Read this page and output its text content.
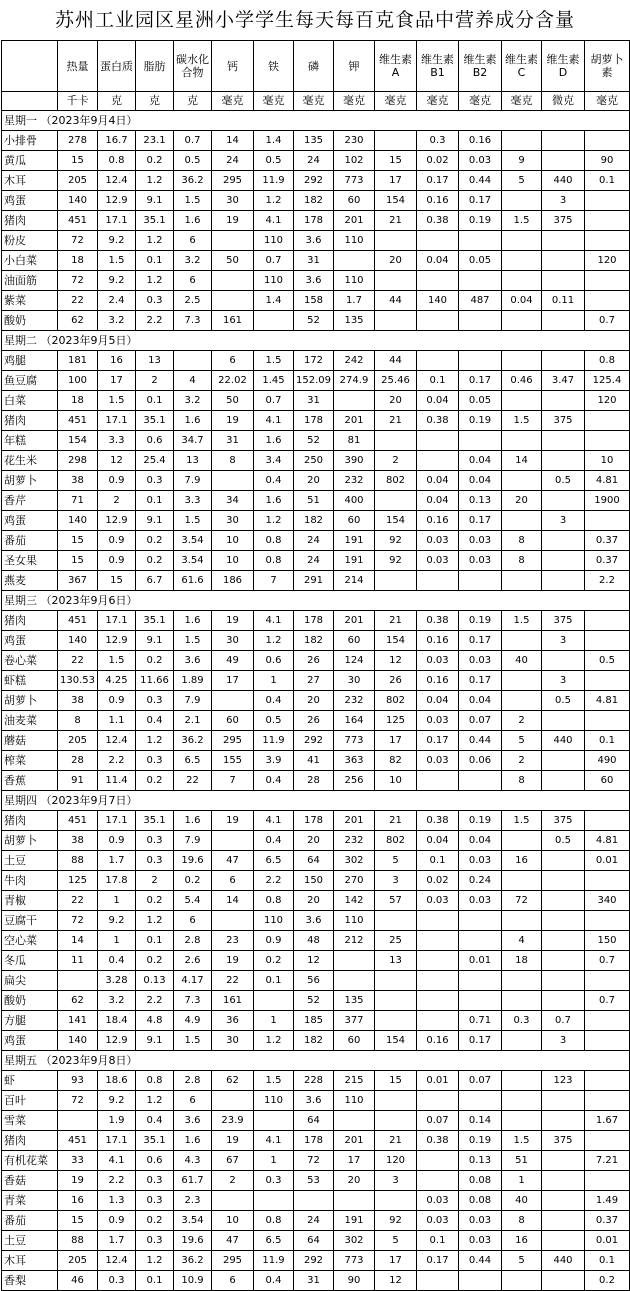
苏州工业园区星洲小学学生每天每百克食品中营养成分含量
	热量	蛋白质	脂肪	碳水化合物	钙	铁	磷	钾	维生素A	维生素B1	维生素B2	维生素C	维生素D	胡萝卜素
	千卡	克	克	克	毫克	毫克	毫克	毫克	毫克	毫克	毫克	毫克	微克	毫克
星期一 （2023年9月4日）														
小排骨	278	16.7	23.1	0.7	14	1.4	135	230		0.3	0.16			
黄瓜	15	0.8	0.2	0.5	24	0.5	24	102	15	0.02	0.03	9		90
木耳	205	12.4	1.2	36.2	295	11.9	292	773	17	0.17	0.44	5	440	0.1
鸡蛋	140	12.9	9.1	1.5	30	1.2	182	60	154	0.16	0.17		3	
猪肉	451	17.1	35.1	1.6	19	4.1	178	201	21	0.38	0.19	1.5	375	
粉皮	72	9.2	1.2	6		110	3.6	110						
小白菜	18	1.5	0.1	3.2	50	0.7	31		20	0.04	0.05			120
油面筋	72	9.2	1.2	6		110	3.6	110						
紫菜	22	2.4	0.3	2.5		1.4	158	1.7	44	140	487	0.04	0.11	
酸奶	62	3.2	2.2	7.3	161		52	135						0.7
星期二 （2023年9月5日）														
鸡腿	181	16	13		6	1.5	172	242	44					0.8
鱼豆腐	100	17	2	4	22.02	1.45	152.09	274.9	25.46	0.1	0.17	0.46	3.47	125.4
白菜	18	1.5	0.1	3.2	50	0.7	31		20	0.04	0.05			120
猪肉	451	17.1	35.1	1.6	19	4.1	178	201	21	0.38	0.19	1.5	375	
年糕	154	3.3	0.6	34.7	31	1.6	52	81						
花生米	298	12	25.4	13	8	3.4	250	390	2		0.04	14		10
胡萝卜	38	0.9	0.3	7.9		0.4	20	232	802	0.04	0.04		0.5	4.81
香芹	71	2	0.1	3.3	34	1.6	51	400		0.04	0.13	20		1900
鸡蛋	140	12.9	9.1	1.5	30	1.2	182	60	154	0.16	0.17		3	
番茄	15	0.9	0.2	3.54	10	0.8	24	191	92	0.03	0.03	8		0.37
圣女果	15	0.9	0.2	3.54	10	0.8	24	191	92	0.03	0.03	8		0.37
燕麦	367	15	6.7	61.6	186	7	291	214						2.2
星期三 （2023年9月6日）														
猪肉	451	17.1	35.1	1.6	19	4.1	178	201	21	0.38	0.19	1.5	375	
鸡蛋	140	12.9	9.1	1.5	30	1.2	182	60	154	0.16	0.17		3	
卷心菜	22	1.5	0.2	3.6	49	0.6	26	124	12	0.03	0.03	40		0.5
虾糕	130.53	4.25	11.66	1.89	17	1	27	30	26	0.16	0.17		3	
胡萝卜	38	0.9	0.3	7.9		0.4	20	232	802	0.04	0.04		0.5	4.81
油麦菜	8	1.1	0.4	2.1	60	0.5	26	164	125	0.03	0.07	2		
蘑菇	205	12.4	1.2	36.2	295	11.9	292	773	17	0.17	0.44	5	440	0.1
榨菜	28	2.2	0.3	6.5	155	3.9	41	363	82	0.03	0.06	2		490
香蕉	91	11.4	0.2	22	7	0.4	28	256	10			8		60
星期四 （2023年9月7日）														
猪肉	451	17.1	35.1	1.6	19	4.1	178	201	21	0.38	0.19	1.5	375	
胡萝卜	38	0.9	0.3	7.9		0.4	20	232	802	0.04	0.04		0.5	4.81
土豆	88	1.7	0.3	19.6	47	6.5	64	302	5	0.1	0.03	16		0.01
牛肉	125	17.8	2	0.2	6	2.2	150	270	3	0.02	0.24			
青椒	22	1	0.2	5.4	14	0.8	20	142	57	0.03	0.03	72		340
豆腐干	72	9.2	1.2	6		110	3.6	110						
空心菜	14	1	0.1	2.8	23	0.9	48	212	25			4		150
冬瓜	11	0.4	0.2	2.6	19	0.2	12		13		0.01	18		0.7
扁尖		3.28	0.13	4.17	22	0.1	56							
酸奶	62	3.2	2.2	7.3	161		52	135						0.7
方腿	141	18.4	4.8	4.9	36	1	185	377			0.71	0.3	0.7	
鸡蛋	140	12.9	9.1	1.5	30	1.2	182	60	154	0.16	0.17		3	
星期五 （2023年9月8日）														
虾	93	18.6	0.8	2.8	62	1.5	228	215	15	0.01	0.07		123	
百叶	72	9.2	1.2	6		110	3.6	110						
雪菜		1.9	0.4	3.6	23.9		64			0.07	0.14			1.67
猪肉	451	17.1	35.1	1.6	19	4.1	178	201	21	0.38	0.19	1.5	375	
有机花菜	33	4.1	0.6	4.3	67	1	72	17	120		0.13	51		7.21
香菇	19	2.2	0.3	61.7	2	0.3	53	20	3		0.08	1		
青菜	16	1.3	0.3	2.3						0.03	0.08	40		1.49
番茄	15	0.9	0.2	3.54	10	0.8	24	191	92	0.03	0.03	8		0.37
土豆	88	1.7	0.3	19.6	47	6.5	64	302	5	0.1	0.03	16		0.01
木耳	205	12.4	1.2	36.2	295	11.9	292	773	17	0.17	0.44	5	440	0.1
香梨	46	0.3	0.1	10.9	6	0.4	31	90	12					0.2
